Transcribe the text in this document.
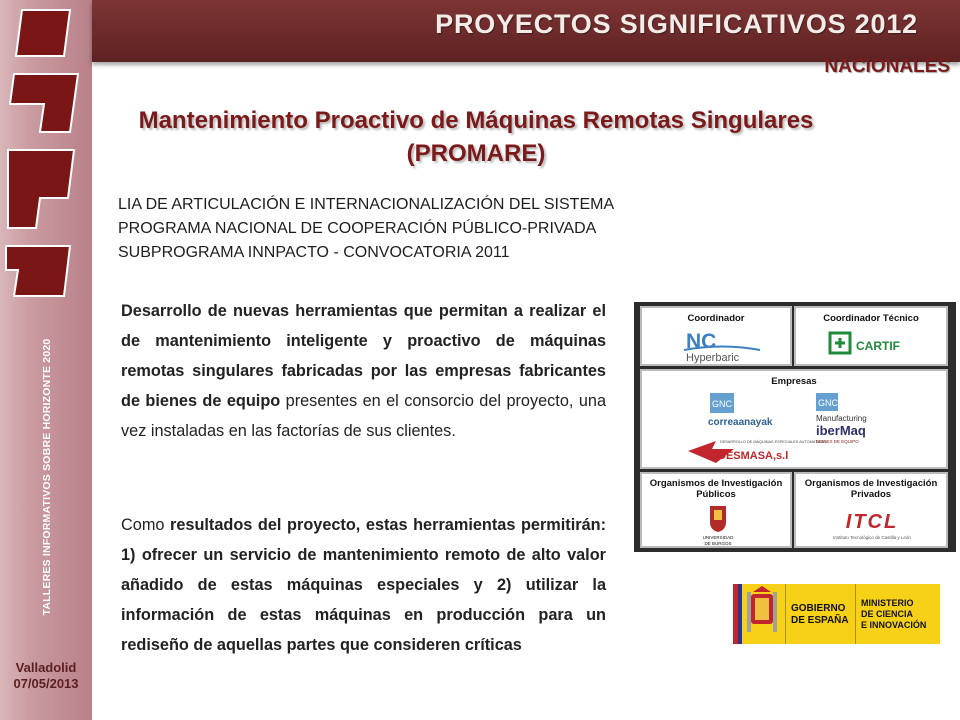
TALLERES INFORMATIVOS SOBRE HORIZONTE 2020
Valladolid
07/05/2013
PROYECTOS SIGNIFICATIVOS 2012
NACIONALES
Mantenimiento Proactivo de Máquinas Remotas Singulares
(PROMARE)
LIA DE ARTICULACIÓN E INTERNACIONALIZACIÓN DEL SISTEMA
PROGRAMA NACIONAL DE COOPERACIÓN PÚBLICO-PRIVADA
SUBPROGRAMA INNPACTO - CONVOCATORIA 2011
Desarrollo de nuevas herramientas que permitan a realizar el de mantenimiento inteligente y proactivo de máquinas remotas singulares fabricadas por las empresas fabricantes de bienes de equipo presentes en el consorcio del proyecto, una vez instaladas en las factorías de sus clientes.
Como resultados del proyecto, estas herramientas permitirán: 1) ofrecer un servicio de mantenimiento remoto de alto valor añadido de estas máquinas especiales y 2) utilizar la información de estas máquinas en producción para un rediseño de aquellas partes que consideren críticas
Coordinador
NC
Hyperbaric
Coordinador Técnico
CARTIF
Empresas
GNC
correaanayak
GNC
Manufacturing
iberMaq
BIENES DE EQUIPO
DESARROLLO DE MÁQUINAS ESPECIALES AUTOMÁTICAS
DESMASA,s.l
Organismos de Investigación
Públicos
UNIVERSIDAD
DE BURGOS
Organismos de Investigación
Privados
ITCL
Instituto Tecnológico de Castilla y León
GOBIERNO
DE ESPAÑA
MINISTERIO
DE CIENCIA
E INNOVACIÓN
